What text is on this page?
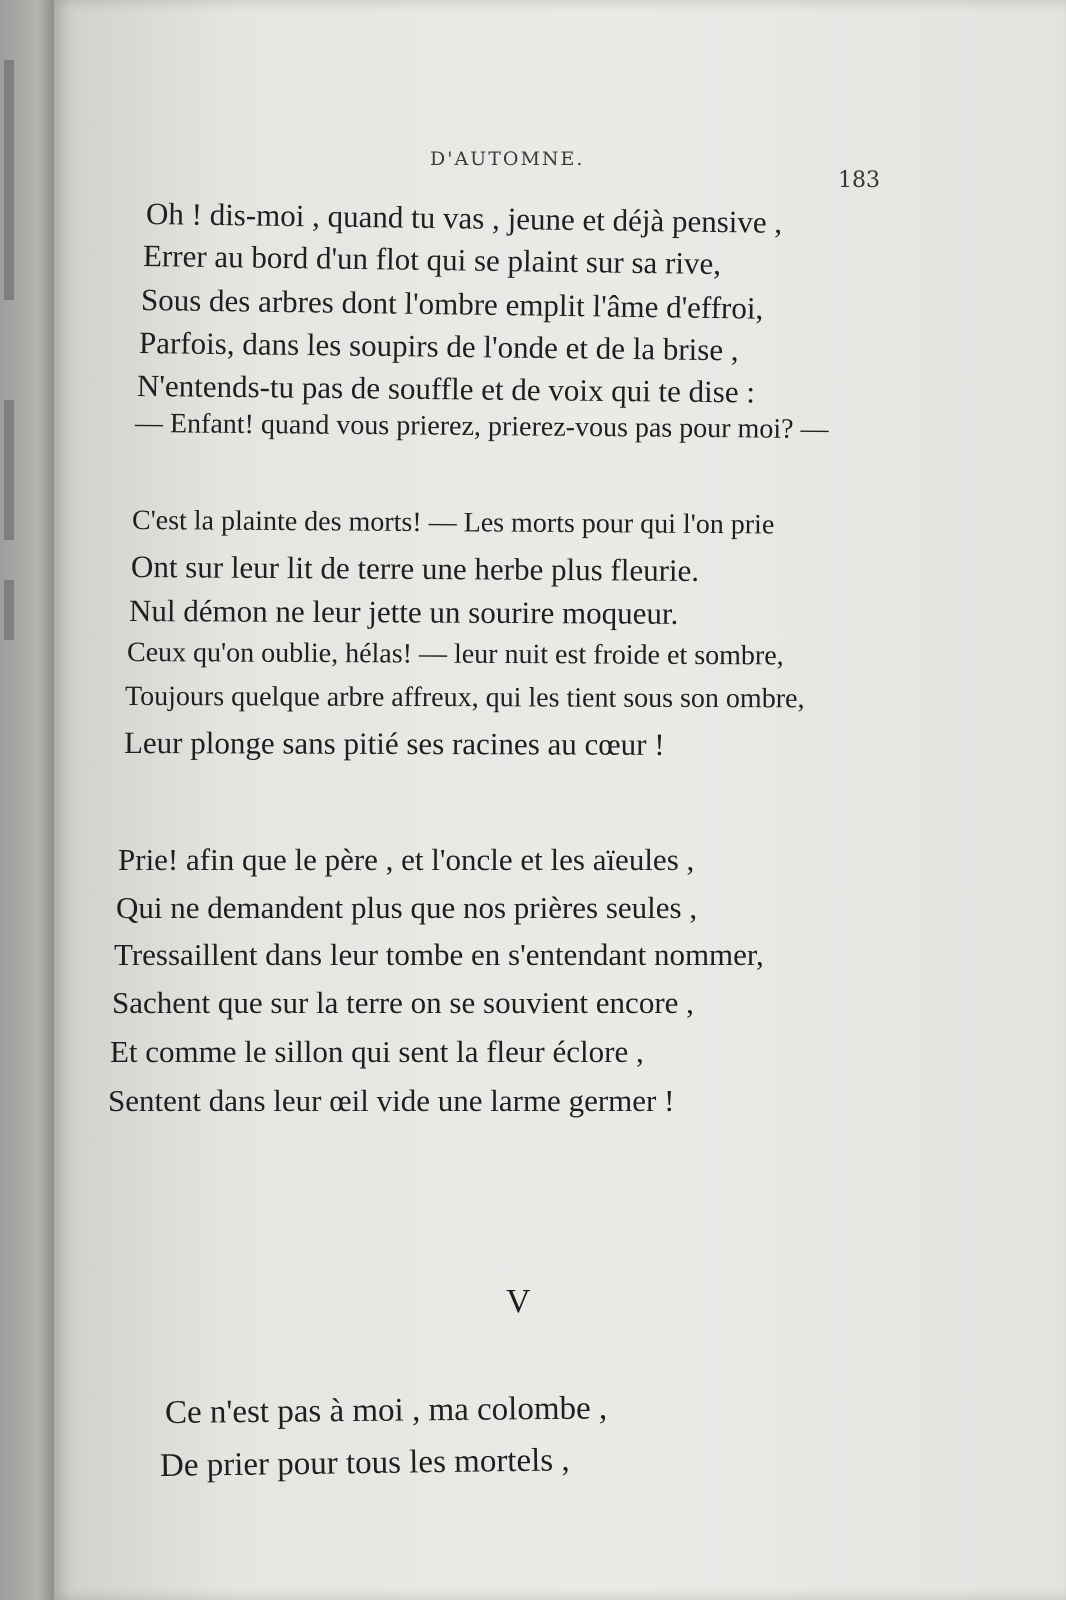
D'AUTOMNE.
183
Oh ! dis-moi , quand tu vas , jeune et déjà pensive ,
Errer au bord d'un flot qui se plaint sur sa rive,
Sous des arbres dont l'ombre emplit l'âme d'effroi,
Parfois, dans les soupirs de l'onde et de la brise ,
N'entends-tu pas de souffle et de voix qui te dise :
— Enfant! quand vous prierez, prierez-vous pas pour moi? —
C'est la plainte des morts! — Les morts pour qui l'on prie
Ont sur leur lit de terre une herbe plus fleurie.
Nul démon ne leur jette un sourire moqueur.
Ceux qu'on oublie, hélas! — leur nuit est froide et sombre,
Toujours quelque arbre affreux, qui les tient sous son ombre,
Leur plonge sans pitié ses racines au cœur !
Prie! afin que le père , et l'oncle et les aïeules ,
Qui ne demandent plus que nos prières seules ,
Tressaillent dans leur tombe en s'entendant nommer,
Sachent que sur la terre on se souvient encore ,
Et comme le sillon qui sent la fleur éclore ,
Sentent dans leur œil vide une larme germer !
V
Ce n'est pas à moi , ma colombe ,
De prier pour tous les mortels ,
